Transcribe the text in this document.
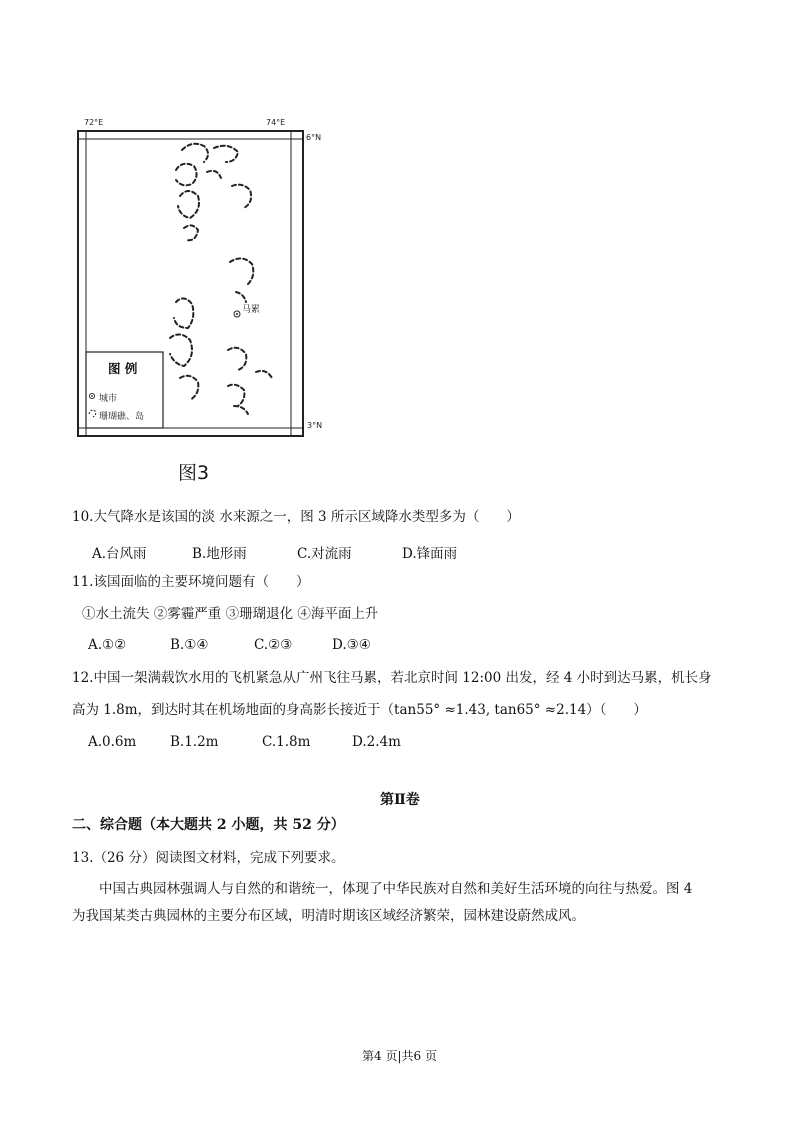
72°E	74°E
6°N
3°N
图 例
城市
珊瑚礁、岛
马累
图3
10.大气降水是该国的淡 水来源之一，图 3 所示区域降水类型多为（　　）
A.台风雨	B.地形雨	C.对流雨	D.锋面雨
11.该国面临的主要环境问题有（　　）
①水土流失 ②雾霾严重 ③珊瑚退化 ④海平面上升
A.①②	B.①④	C.②③	D.③④
12.中国一架满载饮水用的飞机紧急从广州飞往马累，若北京时间 12:00 出发，经 4 小时到达马累，机长身
高为 1.8m，到达时其在机场地面的身高影长接近于（tan55° ≈1.43, tan65° ≈2.14）（　　）
A.0.6m B.1.2m	C.1.8m	D.2.4m
第Ⅱ卷
二、综合题（本大题共 2 小题，共 52 分）
13.（26 分）阅读图文材料，完成下列要求。
中国古典园林强调人与自然的和谐统一，体现了中华民族对自然和美好生活环境的向往与热爱。图 4
为我国某类古典园林的主要分布区域，明清时期该区域经济繁荣，园林建设蔚然成风。
第4 页|共6 页
